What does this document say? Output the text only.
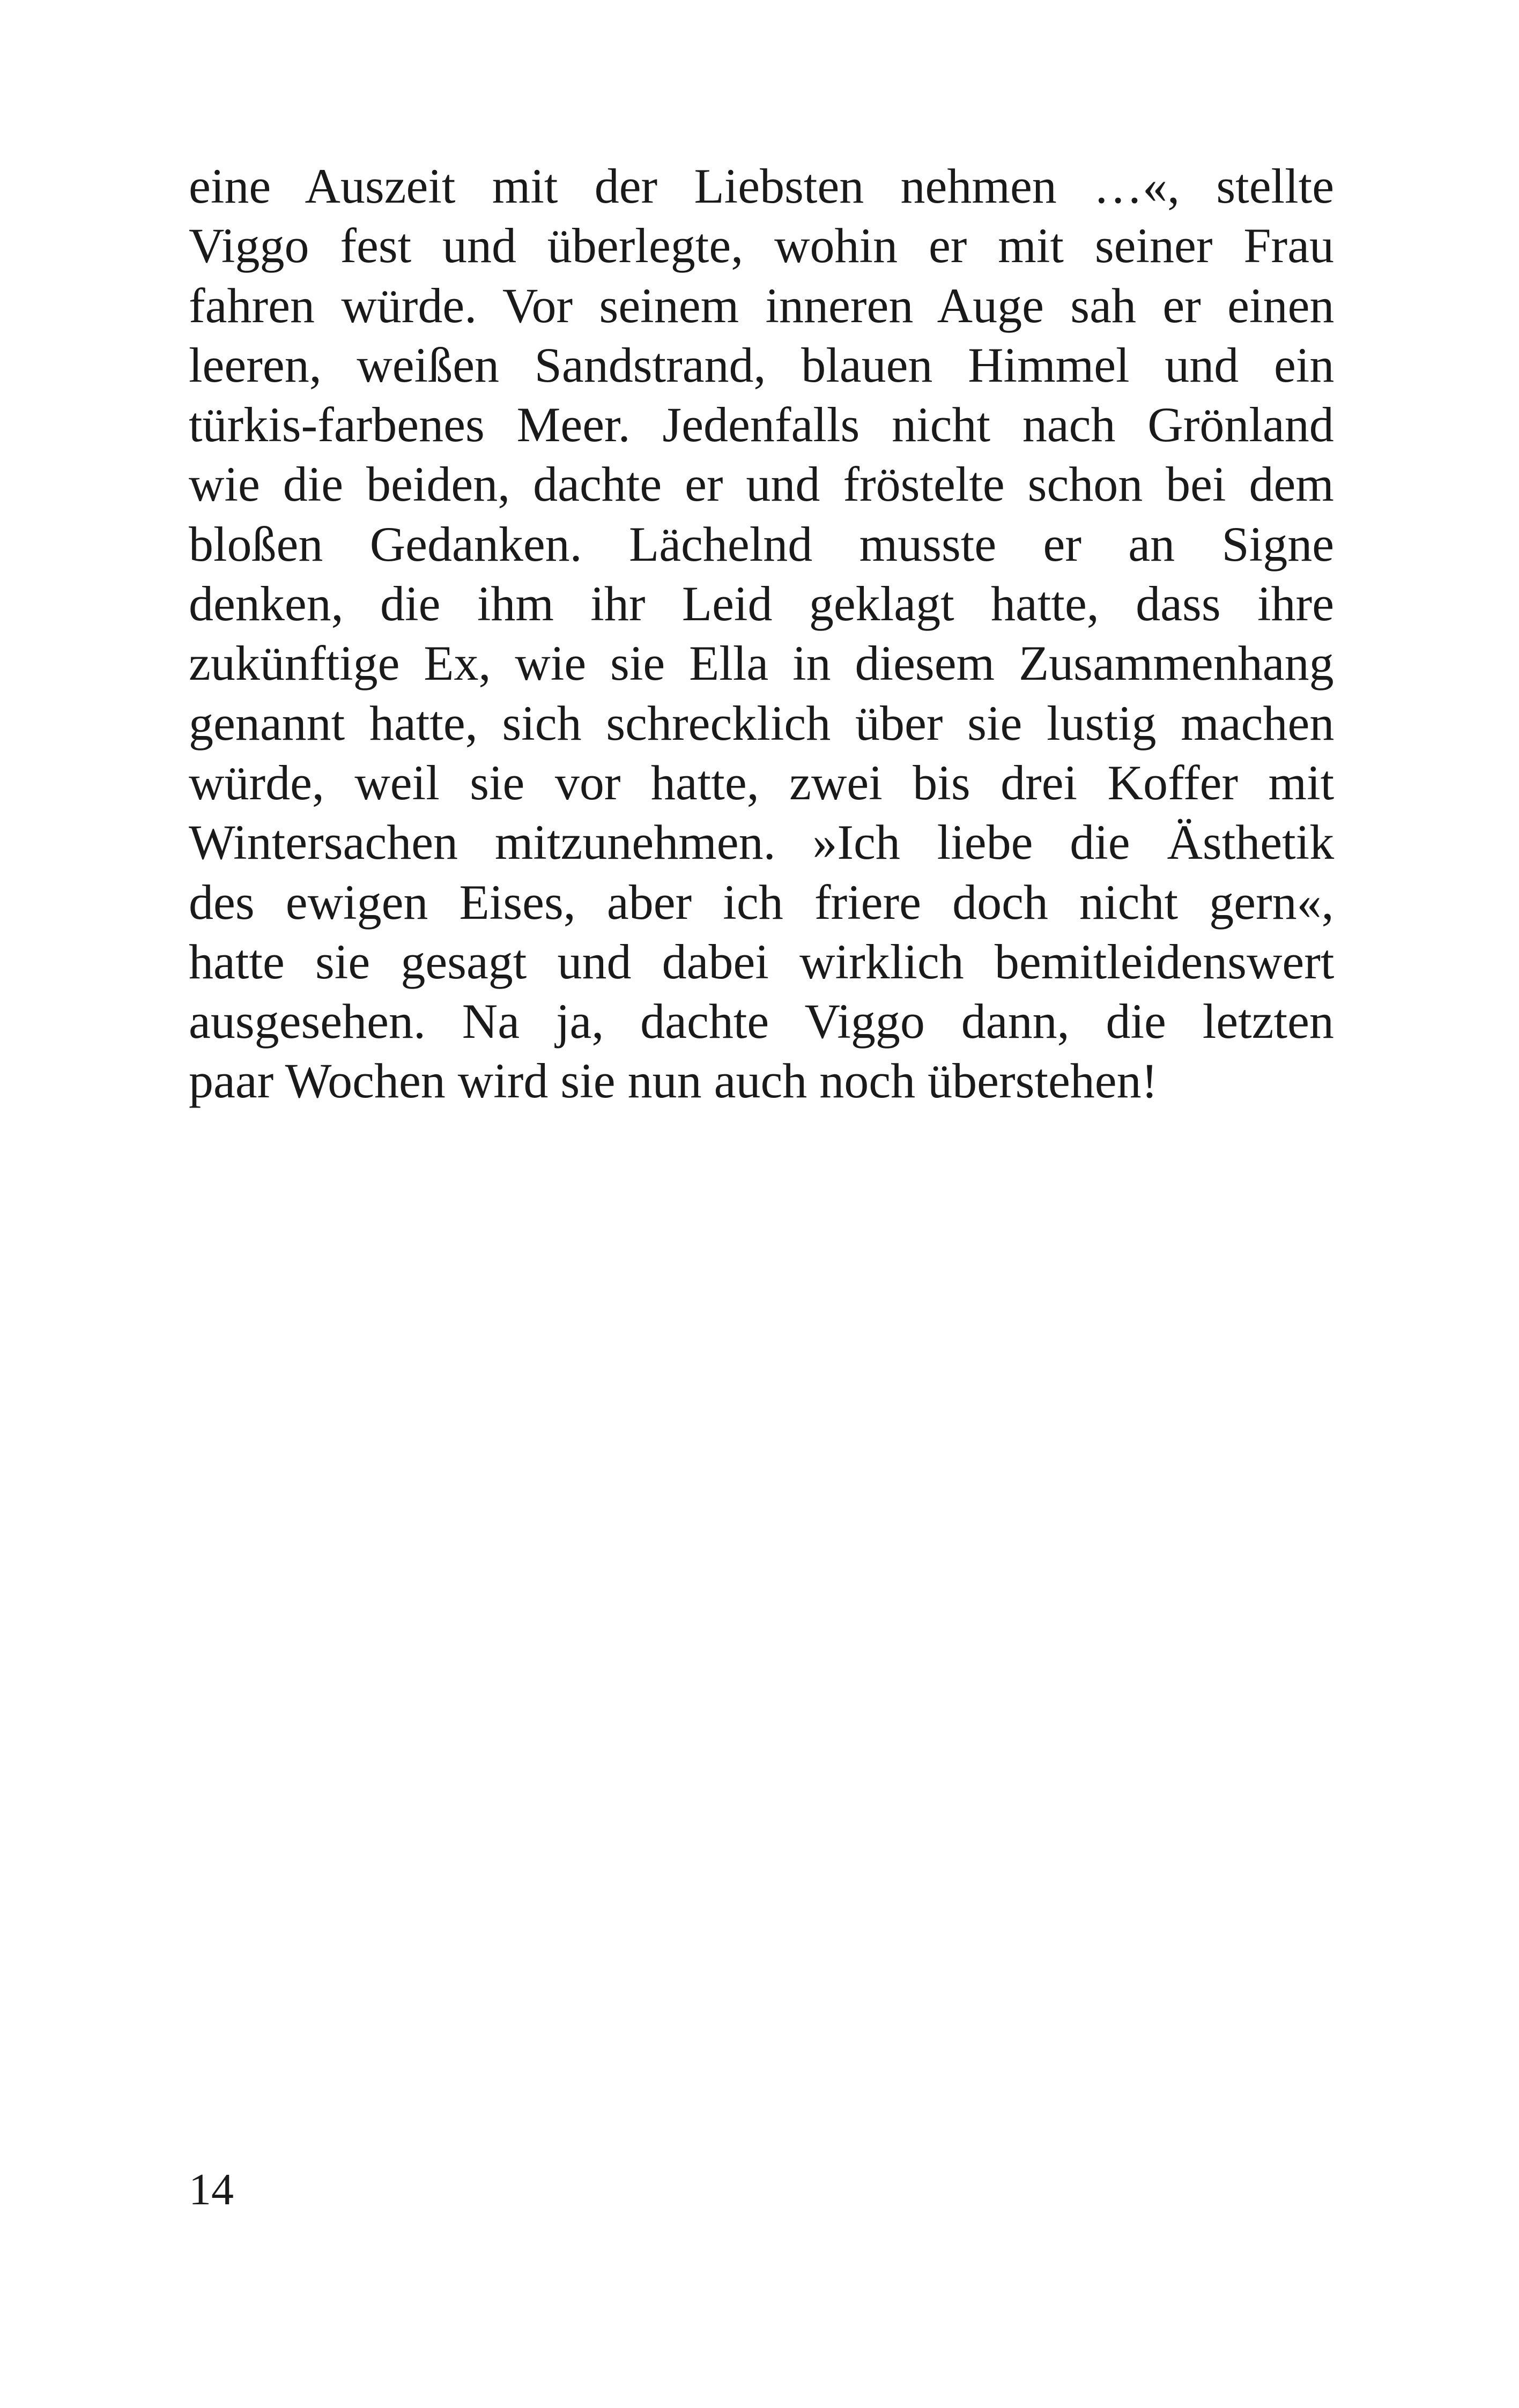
eine Auszeit mit der Liebsten nehmen …«, stellte
Viggo fest und überlegte, wohin er mit seiner Frau
fahren würde. Vor seinem inneren Auge sah er einen
leeren, weißen Sandstrand, blauen Himmel und ein
türkis-farbenes Meer. Jedenfalls nicht nach Grönland
wie die beiden, dachte er und fröstelte schon bei dem
bloßen Gedanken. Lächelnd musste er an Signe
denken, die ihm ihr Leid geklagt hatte, dass ihre
zukünftige Ex, wie sie Ella in diesem Zusammenhang
genannt hatte, sich schrecklich über sie lustig machen
würde, weil sie vor hatte, zwei bis drei Koffer mit
Wintersachen mitzunehmen. »Ich liebe die Ästhetik
des ewigen Eises, aber ich friere doch nicht gern«,
hatte sie gesagt und dabei wirklich bemitleidenswert
ausgesehen. Na ja, dachte Viggo dann, die letzten
paar Wochen wird sie nun auch noch überstehen!
14
